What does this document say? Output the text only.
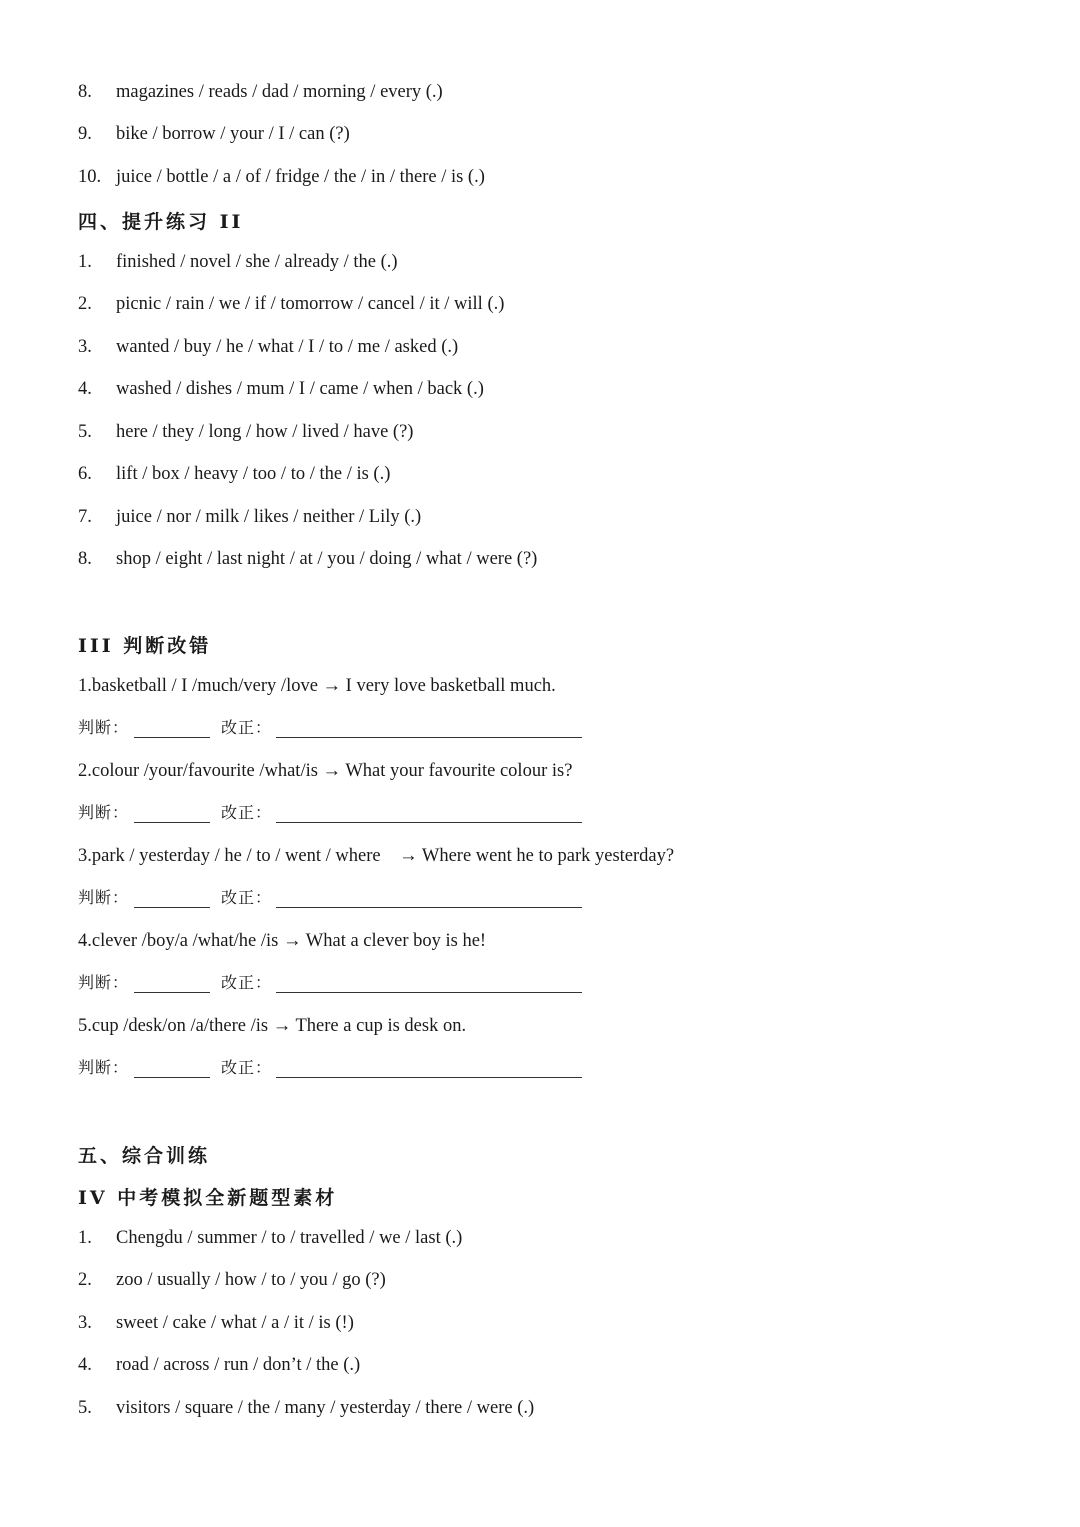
8. magazines / reads / dad / morning / every (.)
9. bike / borrow / your / I / can (?)
10. juice / bottle / a / of / fridge / the / in / there / is (.)
四、提升练习 II
1. finished / novel / she / already / the (.)
2. picnic / rain / we / if / tomorrow / cancel / it / will (.)
3. wanted / buy / he / what / I / to / me / asked (.)
4. washed / dishes / mum / I / came / when / back (.)
5. here / they / long / how / lived / have (?)
6. lift / box / heavy / too / to / the / is (.)
7. juice / nor / milk / likes / neither / Lily (.)
8. shop / eight / last night / at / you / doing / what / were (?)
III 判断改错
1.basketball / I /much/very /love → I very love basketball much.
判断：	改正：
2.colour /your/favourite /what/is → What your favourite colour is?
判断：	改正：
3.park / yesterday / he / to / went / where    → Where went he to park yesterday?
判断：	改正：
4.clever /boy/a /what/he /is → What a clever boy is he!
判断：	改正：
5.cup /desk/on /a/there /is → There a cup is desk on.
判断：	改正：
五、综合训练
IV 中考模拟全新题型素材
1. Chengdu / summer / to / travelled / we / last (.)
2. zoo / usually / how / to / you / go (?)
3. sweet / cake / what / a / it / is (!)
4. road / across / run / don’t / the (.)
5. visitors / square / the / many / yesterday / there / were (.)
